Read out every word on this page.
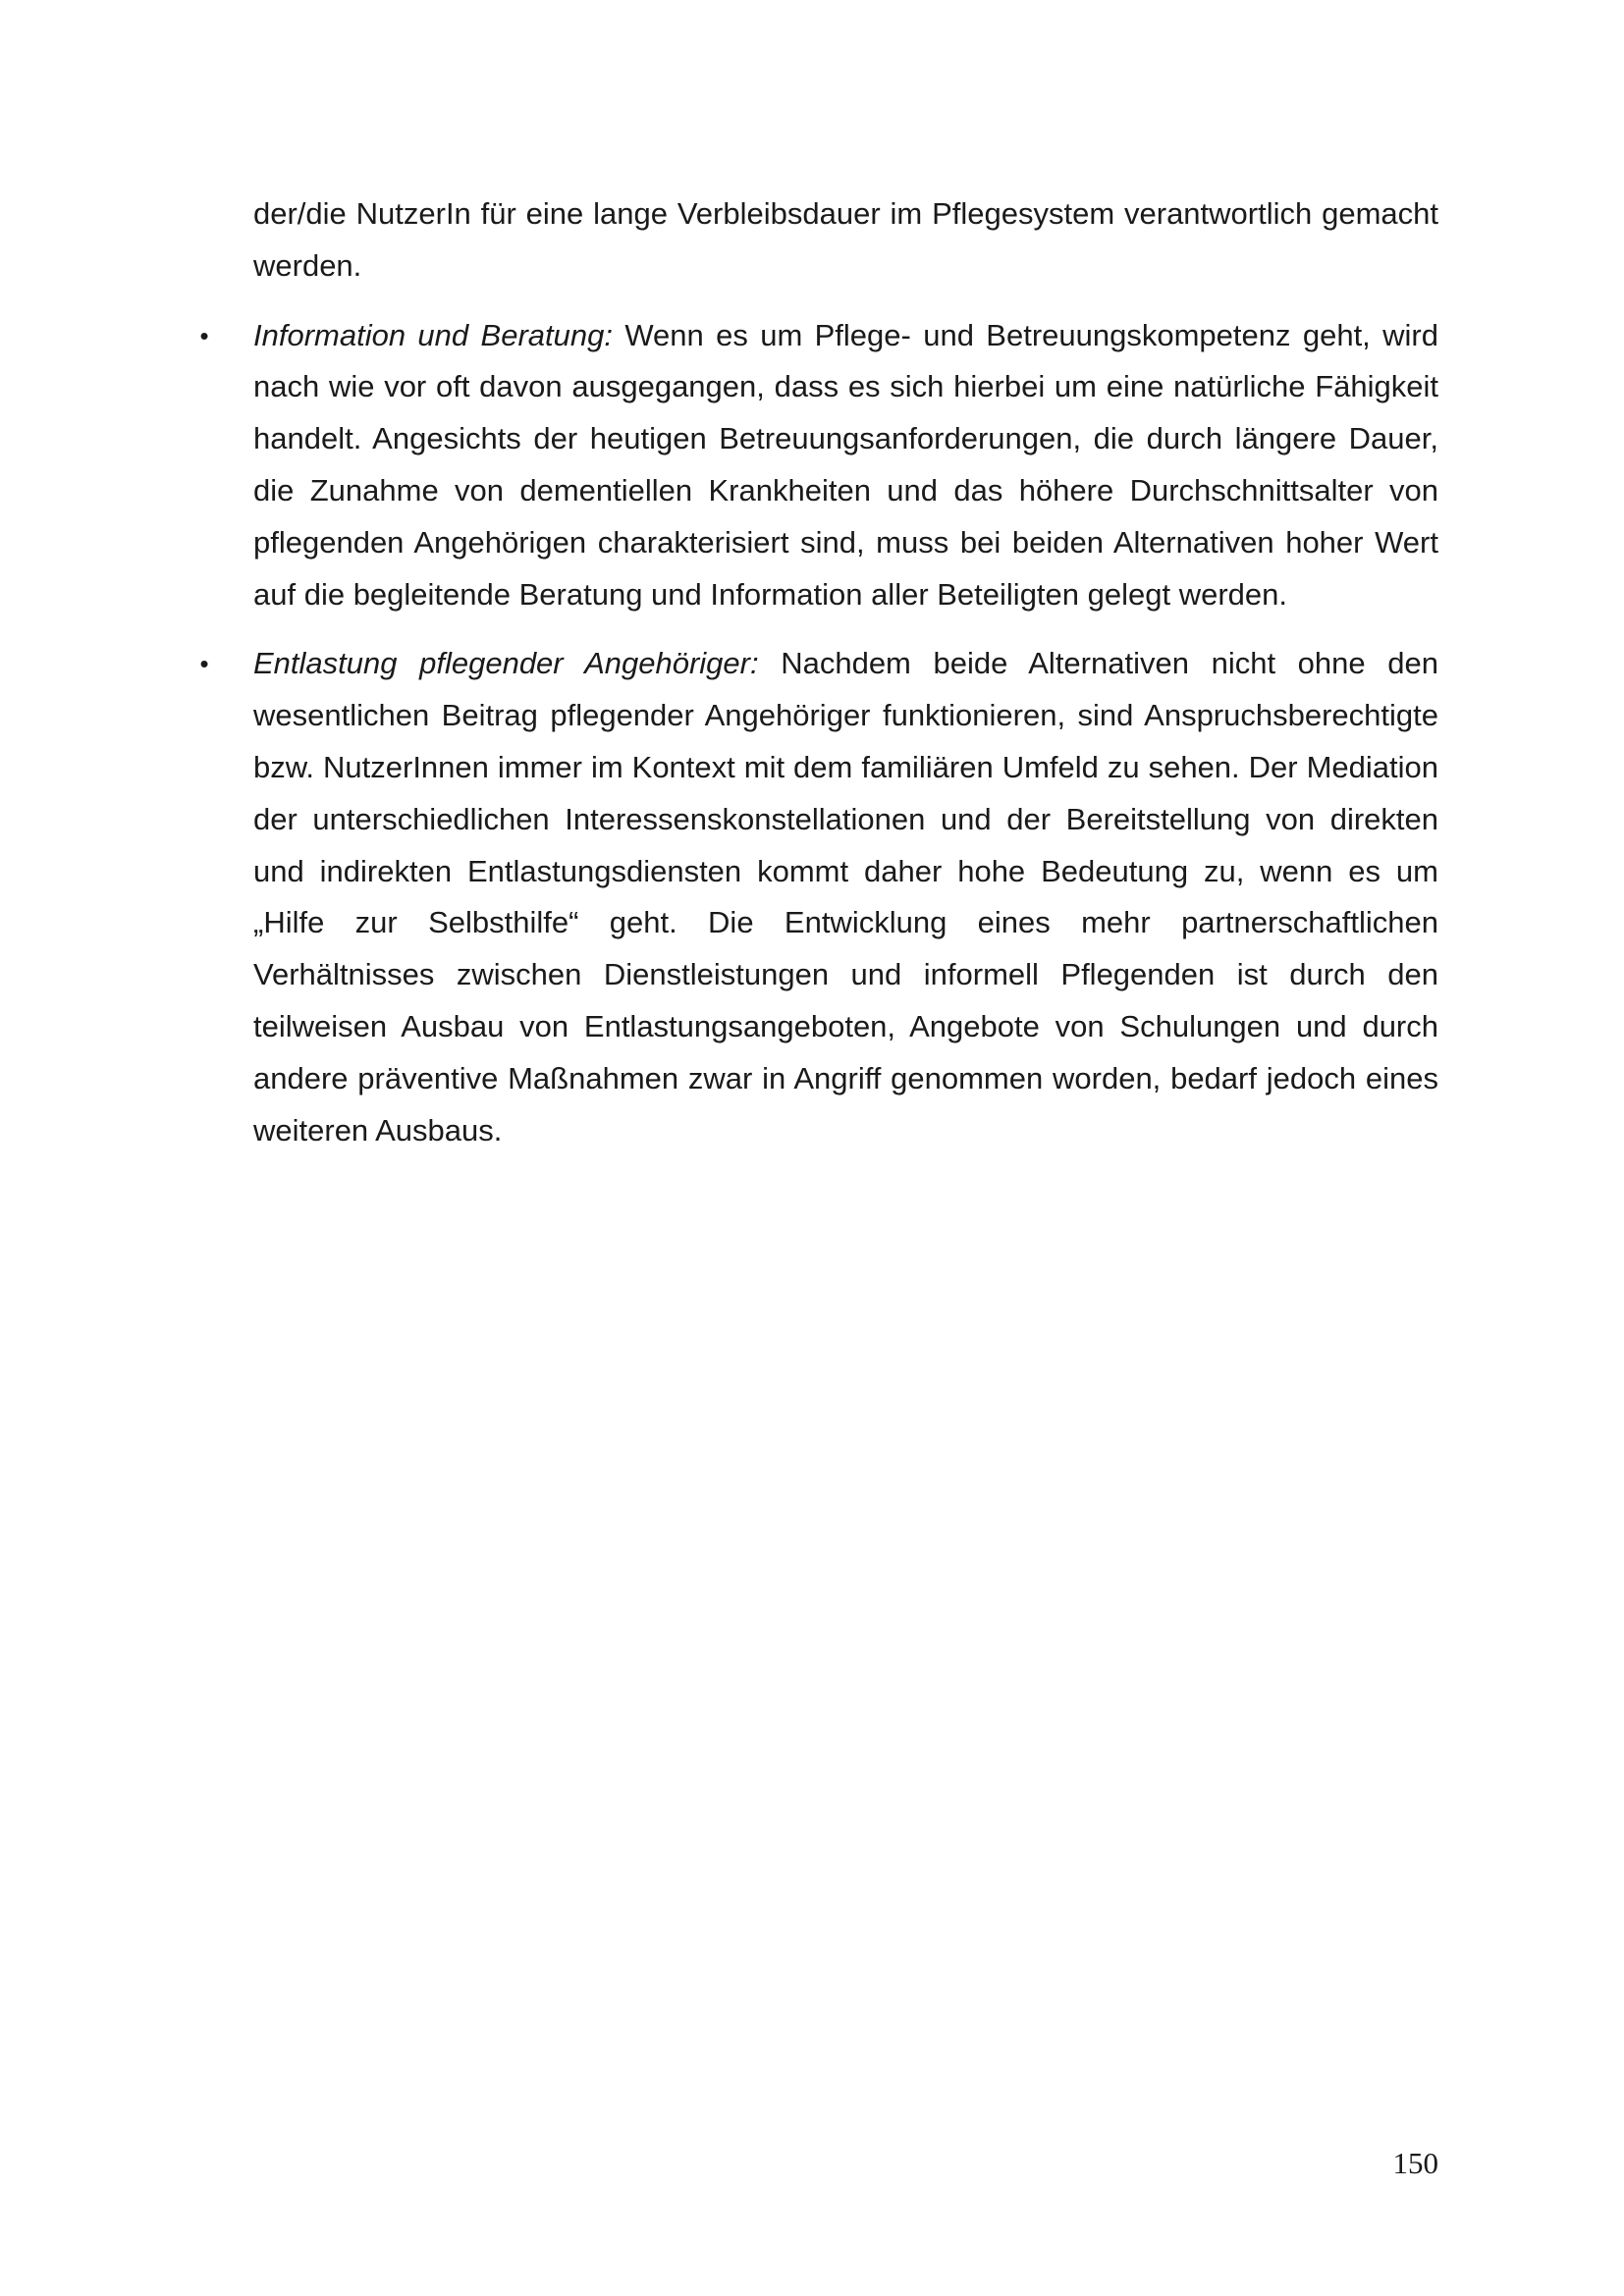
der/die NutzerIn für eine lange Verbleibsdauer im Pflegesystem verantwortlich gemacht werden.

• Information und Beratung: Wenn es um Pflege- und Betreuungskompetenz geht, wird nach wie vor oft davon ausgegangen, dass es sich hierbei um eine natürliche Fähigkeit handelt. Angesichts der heutigen Betreuungsanforderungen, die durch längere Dauer, die Zunahme von dementiellen Krankheiten und das höhere Durchschnittsalter von pflegenden Angehörigen charakterisiert sind, muss bei beiden Alternativen hoher Wert auf die begleitende Beratung und Information aller Beteiligten gelegt werden.
• Entlastung pflegender Angehöriger: Nachdem beide Alternativen nicht ohne den wesentlichen Beitrag pflegender Angehöriger funktionieren, sind Anspruchsberechtigte bzw. NutzerInnen immer im Kontext mit dem familiären Umfeld zu sehen. Der Mediation der unterschiedlichen Interessenskonstellationen und der Bereitstellung von direkten und indirekten Entlastungsdiensten kommt daher hohe Bedeutung zu, wenn es um „Hilfe zur Selbsthilfe“ geht. Die Entwicklung eines mehr partnerschaftlichen Verhältnisses zwischen Dienstleistungen und informell Pflegenden ist durch den teilweisen Ausbau von Entlastungsangeboten, Angebote von Schulungen und durch andere präventive Maßnahmen zwar in Angriff genommen worden, bedarf jedoch eines weiteren Ausbaus.
150
